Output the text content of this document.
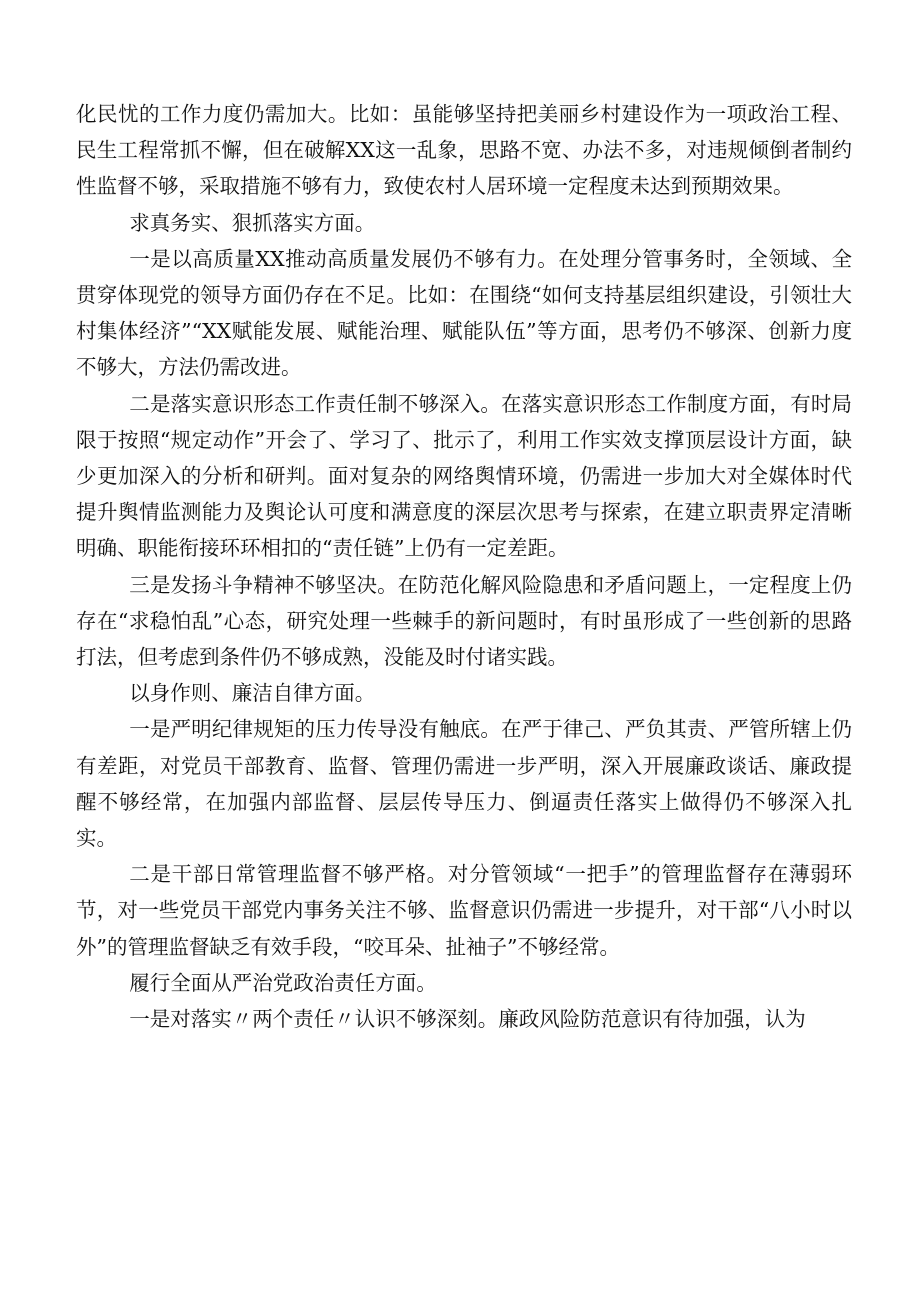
化民忧的工作力度仍需加大。比如：虽能够坚持把美丽乡村建设作为一项政治工程、民生工程常抓不懈，但在破解XX这一乱象，思路不宽、办法不多，对违规倾倒者制约性监督不够，采取措施不够有力，致使农村人居环境一定程度未达到预期效果。

求真务实、狠抓落实方面。

一是以高质量XX推动高质量发展仍不够有力。在处理分管事务时，全领域、全贯穿体现党的领导方面仍存在不足。比如：在围绕“如何支持基层组织建设，引领壮大村集体经济”“XX赋能发展、赋能治理、赋能队伍”等方面，思考仍不够深、创新力度不够大，方法仍需改进。

二是落实意识形态工作责任制不够深入。在落实意识形态工作制度方面，有时局限于按照“规定动作”开会了、学习了、批示了，利用工作实效支撑顶层设计方面，缺少更加深入的分析和研判。面对复杂的网络舆情环境，仍需进一步加大对全媒体时代提升舆情监测能力及舆论认可度和满意度的深层次思考与探索，在建立职责界定清晰明确、职能衔接环环相扣的“责任链”上仍有一定差距。

三是发扬斗争精神不够坚决。在防范化解风险隐患和矛盾问题上，一定程度上仍存在“求稳怕乱”心态，研究处理一些棘手的新问题时，有时虽形成了一些创新的思路打法，但考虑到条件仍不够成熟，没能及时付诸实践。

以身作则、廉洁自律方面。

一是严明纪律规矩的压力传导没有触底。在严于律己、严负其责、严管所辖上仍有差距，对党员干部教育、监督、管理仍需进一步严明，深入开展廉政谈话、廉政提醒不够经常，在加强内部监督、层层传导压力、倒逼责任落实上做得仍不够深入扎实。

二是干部日常管理监督不够严格。对分管领域“一把手”的管理监督存在薄弱环节，对一些党员干部党内事务关注不够、监督意识仍需进一步提升，对干部“八小时以外”的管理监督缺乏有效手段，“咬耳朵、扯袖子”不够经常。

履行全面从严治党政治责任方面。

一是对落实〃两个责任〃认识不够深刻。廉政风险防范意识有待加强，认为
